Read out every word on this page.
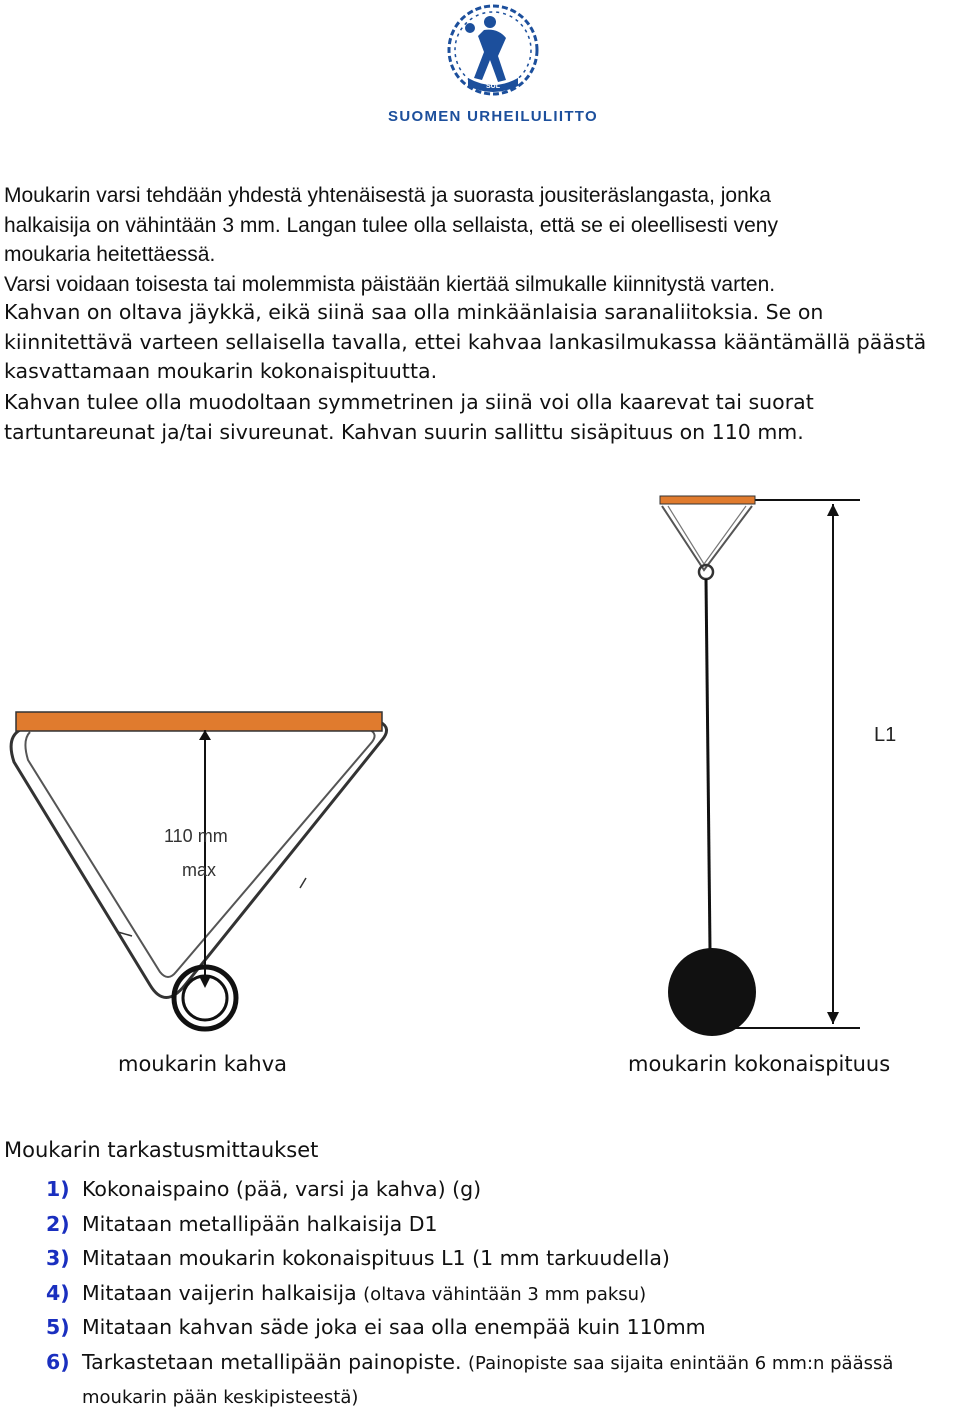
SUL
SUOMEN URHEILULIITTO
Moukarin varsi tehdään yhdestä yhtenäisestä ja suorasta jousiteräslangasta, jonka
halkaisija on vähintään 3 mm. Langan tulee olla sellaista, että se ei oleellisesti veny
moukaria heitettäessä.
Varsi voidaan toisesta tai molemmista päistään kiertää silmukalle kiinnitystä varten.
Kahvan on oltava jäykkä, eikä siinä saa olla minkäänlaisia saranaliitoksia. Se on
kiinnitettävä varteen sellaisella tavalla, ettei kahvaa lankasilmukassa kääntämällä päästä
kasvattamaan moukarin kokonaispituutta.
Kahvan tulee olla muodoltaan symmetrinen ja siinä voi olla kaarevat tai suorat
tartuntareunat ja/tai sivureunat. Kahvan suurin sallittu sisäpituus on 110 mm.
110 mm
max
L1
moukarin kahva	moukarin kokonaispituus
Moukarin tarkastusmittaukset
1) Kokonaispaino (pää, varsi ja kahva) (g)
2) Mitataan metallipään halkaisija D1
3) Mitataan moukarin kokonaispituus L1 (1 mm tarkuudella)
4) Mitataan vaijerin halkaisija (oltava vähintään 3 mm paksu)
5) Mitataan kahvan säde joka ei saa olla enempää kuin 110mm
6) Tarkastetaan metallipään painopiste. (Painopiste saa sijaita enintään 6 mm:n päässä
moukarin pään keskipisteestä)
